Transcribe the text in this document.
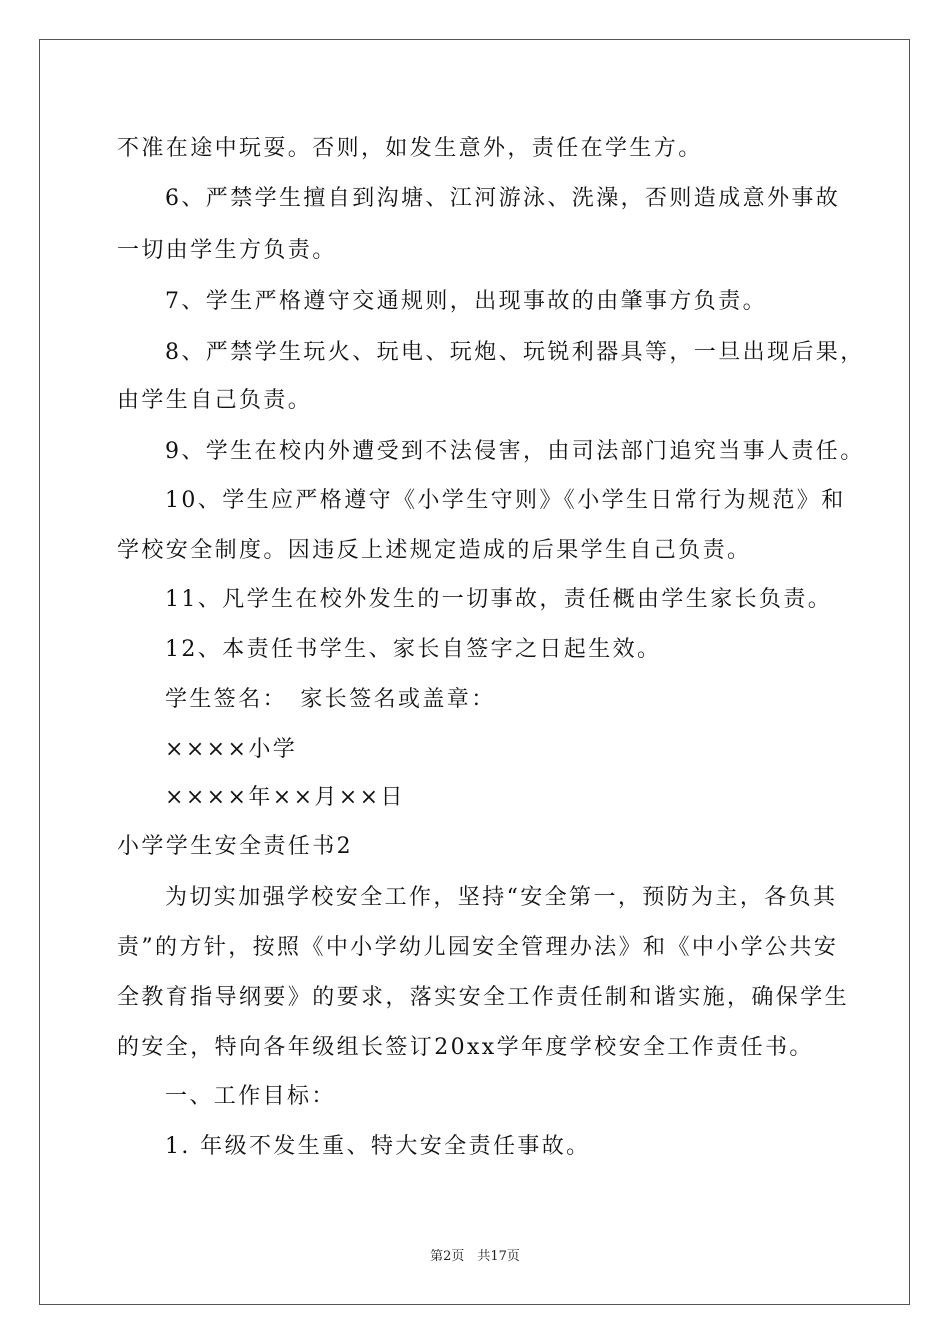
不准在途中玩耍。否则，如发生意外，责任在学生方。
6、严禁学生擅自到沟塘、江河游泳、洗澡，否则造成意外事故
一切由学生方负责。
7、学生严格遵守交通规则，出现事故的由肇事方负责。
8、严禁学生玩火、玩电、玩炮、玩锐利器具等，一旦出现后果，
由学生自己负责。
9、学生在校内外遭受到不法侵害，由司法部门追究当事人责任。
10、学生应严格遵守《小学生守则》《小学生日常行为规范》和
学校安全制度。因违反上述规定造成的后果学生自己负责。
11、凡学生在校外发生的一切事故，责任概由学生家长负责。
12、本责任书学生、家长自签字之日起生效。
学生签名：　家长签名或盖章：
××××小学
××××年××月××日
小学学生安全责任书2
为切实加强学校安全工作，坚持“安全第一，预防为主，各负其
责”的方针，按照《中小学幼儿园安全管理办法》和《中小学公共安
全教育指导纲要》的要求，落实安全工作责任制和谐实施，确保学生
的安全，特向各年级组长签订20xx学年度学校安全工作责任书。
一、工作目标：
1. 年级不发生重、特大安全责任事故。
第2页　共17页
